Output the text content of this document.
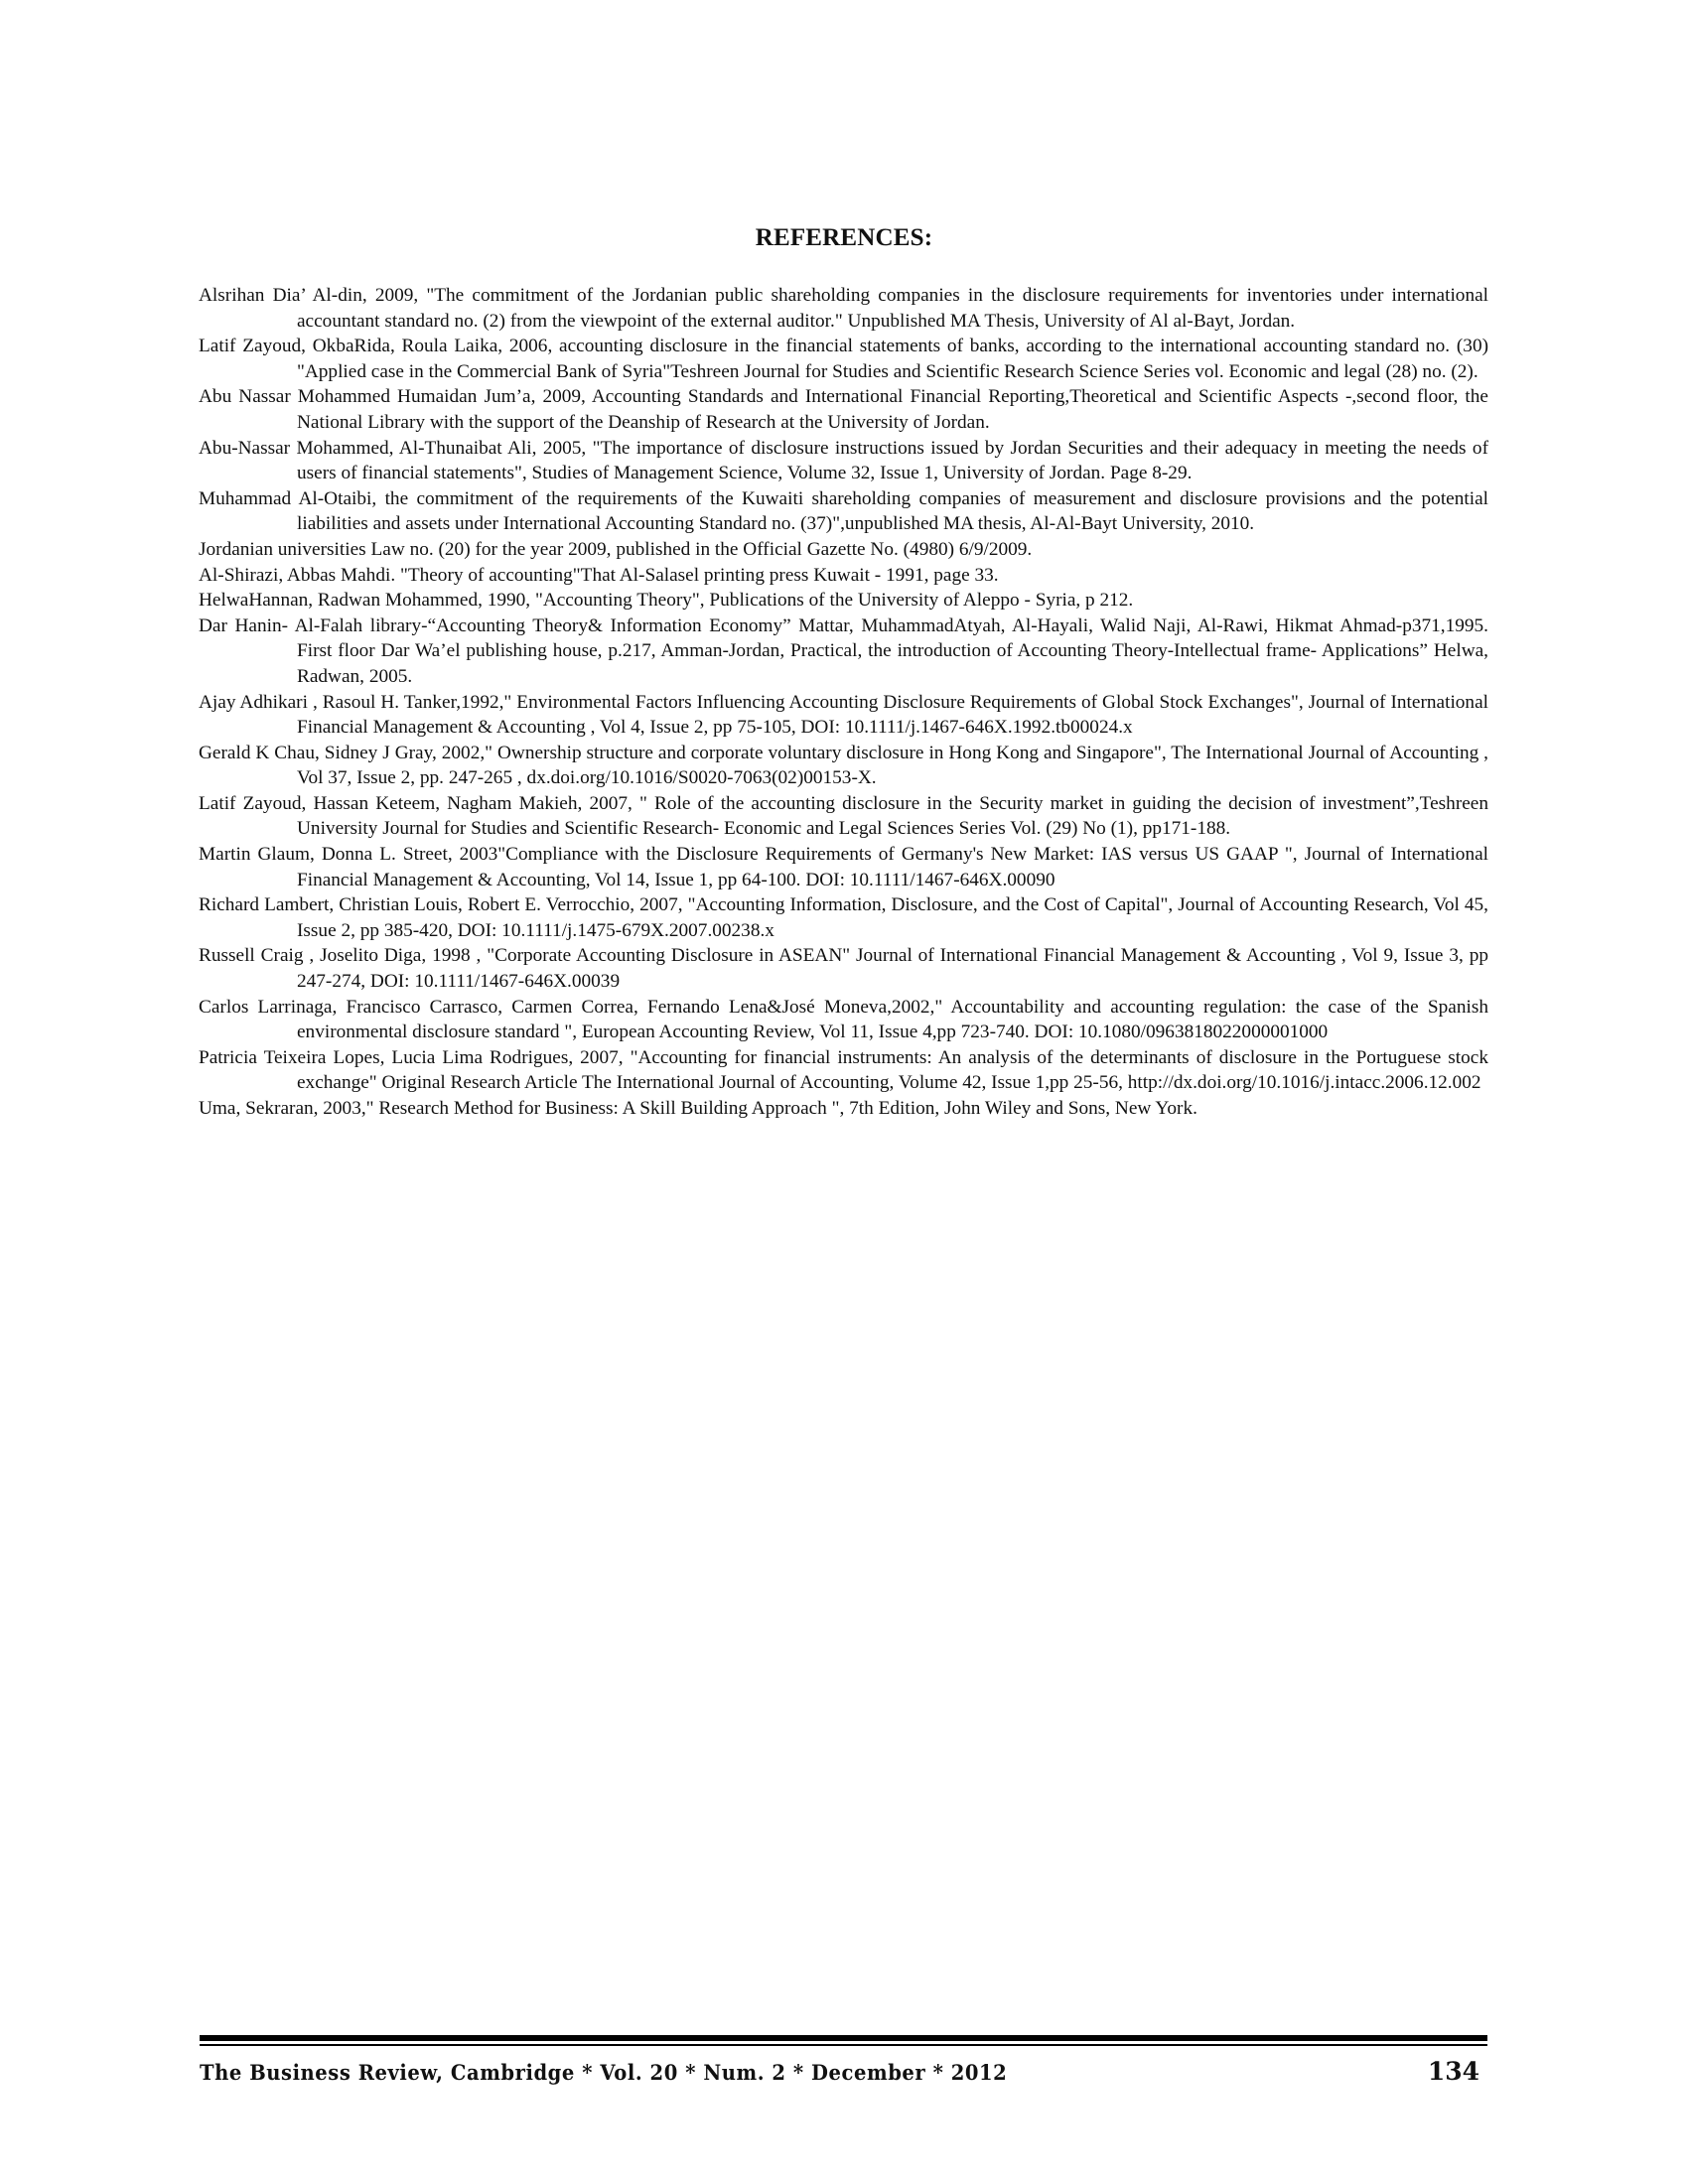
REFERENCES:
Alsrihan Dia’ Al-din, 2009, "The commitment of the Jordanian public shareholding companies in the disclosure requirements for inventories under international accountant standard no. (2) from the viewpoint of the external auditor." Unpublished MA Thesis, University of Al al-Bayt, Jordan.
Latif Zayoud, OkbaRida, Roula Laika, 2006, accounting disclosure in the financial statements of banks, according to the international accounting standard no. (30) "Applied case in the Commercial Bank of Syria"Teshreen Journal for Studies and Scientific Research Science Series vol. Economic and legal (28) no. (2).
Abu Nassar Mohammed Humaidan Jum’a, 2009, Accounting Standards and International Financial Reporting,Theoretical and Scientific Aspects -,second floor, the National Library with the support of the Deanship of Research at the University of Jordan.
Abu-Nassar Mohammed, Al-Thunaibat Ali, 2005, "The importance of disclosure instructions issued by Jordan Securities and their adequacy in meeting the needs of users of financial statements", Studies of Management Science, Volume 32, Issue 1, University of Jordan. Page 8-29.
Muhammad Al-Otaibi, the commitment of the requirements of the Kuwaiti shareholding companies of measurement and disclosure provisions and the potential liabilities and assets under International Accounting Standard no. (37)",unpublished MA thesis, Al-Al-Bayt University, 2010.
Jordanian universities Law no. (20) for the year 2009, published in the Official Gazette No. (4980) 6/9/2009.
Al-Shirazi, Abbas Mahdi. "Theory of accounting"That Al-Salasel printing press Kuwait - 1991, page 33.
HelwaHannan, Radwan Mohammed, 1990, "Accounting Theory", Publications of the University of Aleppo - Syria, p 212.
Dar Hanin- Al-Falah library-“Accounting Theory& Information Economy” Mattar, MuhammadAtyah, Al-Hayali, Walid Naji, Al-Rawi, Hikmat Ahmad-p371,1995. First floor Dar Wa’el publishing house, p.217, Amman-Jordan, Practical, the introduction of Accounting Theory-Intellectual frame- Applications” Helwa, Radwan, 2005.
Ajay Adhikari , Rasoul H. Tanker,1992," Environmental Factors Influencing Accounting Disclosure Requirements of Global Stock Exchanges", Journal of International Financial Management & Accounting , Vol 4, Issue 2, pp 75-105, DOI: 10.1111/j.1467-646X.1992.tb00024.x
Gerald K Chau, Sidney J Gray, 2002," Ownership structure and corporate voluntary disclosure in Hong Kong and Singapore", The International Journal of Accounting , Vol 37, Issue 2, pp. 247-265 , dx.doi.org/10.1016/S0020-7063(02)00153-X.
Latif Zayoud, Hassan Keteem, Nagham Makieh, 2007, " Role of the accounting disclosure in the Security market in guiding the decision of investment”,Teshreen University Journal for Studies and Scientific Research- Economic and Legal Sciences Series Vol. (29) No (1), pp171-188.
Martin Glaum, Donna L. Street, 2003"Compliance with the Disclosure Requirements of Germany's New Market: IAS versus US GAAP ", Journal of International Financial Management & Accounting, Vol 14, Issue 1, pp 64-100. DOI: 10.1111/1467-646X.00090
Richard Lambert, Christian Louis, Robert E. Verrocchio, 2007, "Accounting Information, Disclosure, and the Cost of Capital", Journal of Accounting Research, Vol 45, Issue 2, pp 385-420, DOI: 10.1111/j.1475-679X.2007.00238.x
Russell Craig , Joselito Diga, 1998 , "Corporate Accounting Disclosure in ASEAN" Journal of International Financial Management & Accounting , Vol 9, Issue 3, pp 247-274, DOI: 10.1111/1467-646X.00039
Carlos Larrinaga, Francisco Carrasco, Carmen Correa, Fernando Lena&José Moneva,2002," Accountability and accounting regulation: the case of the Spanish environmental disclosure standard ", European Accounting Review, Vol 11, Issue 4,pp 723-740. DOI: 10.1080/0963818022000001000
Patricia Teixeira Lopes, Lucia Lima Rodrigues, 2007, "Accounting for financial instruments: An analysis of the determinants of disclosure in the Portuguese stock exchange" Original Research Article The International Journal of Accounting, Volume 42, Issue 1,pp 25-56, http://dx.doi.org/10.1016/j.intacc.2006.12.002
Uma, Sekraran, 2003," Research Method for Business: A Skill Building Approach ", 7th Edition, John Wiley and Sons, New York.
The Business Review, Cambridge * Vol. 20 * Num. 2 * December * 2012	134
